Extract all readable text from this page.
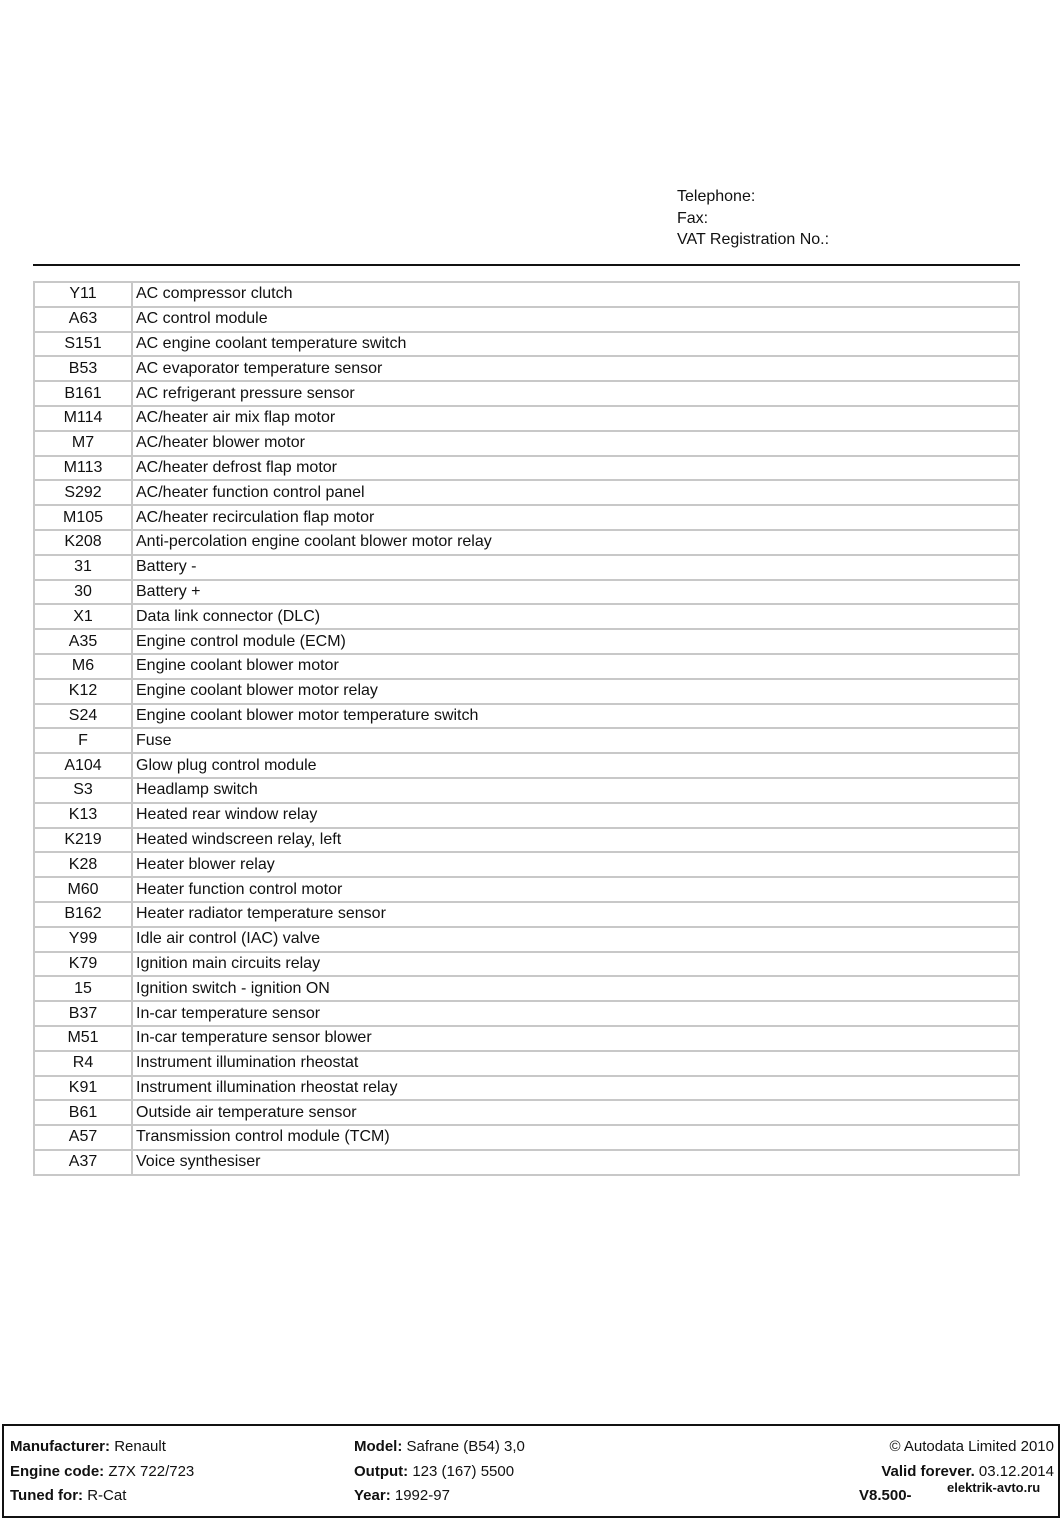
Telephone:
Fax:
VAT Registration No.:
Y11	AC compressor clutch
A63	AC control module
S151	AC engine coolant temperature switch
B53	AC evaporator temperature sensor
B161	AC refrigerant pressure sensor
M114	AC/heater air mix flap motor
M7	AC/heater blower motor
M113	AC/heater defrost flap motor
S292	AC/heater function control panel
M105	AC/heater recirculation flap motor
K208	Anti-percolation engine coolant blower motor relay
31	Battery -
30	Battery +
X1	Data link connector (DLC)
A35	Engine control module (ECM)
M6	Engine coolant blower motor
K12	Engine coolant blower motor relay
S24	Engine coolant blower motor temperature switch
F	Fuse
A104	Glow plug control module
S3	Headlamp switch
K13	Heated rear window relay
K219	Heated windscreen relay, left
K28	Heater blower relay
M60	Heater function control motor
B162	Heater radiator temperature sensor
Y99	Idle air control (IAC) valve
K79	Ignition main circuits relay
15	Ignition switch - ignition ON
B37	In-car temperature sensor
M51	In-car temperature sensor blower
R4	Instrument illumination rheostat
K91	Instrument illumination rheostat relay
B61	Outside air temperature sensor
A57	Transmission control module (TCM)
A37	Voice synthesiser
Manufacturer: Renault
Engine code: Z7X 722/723
Tuned for: R-Cat
Model: Safrane (B54) 3,0
Output: 123 (167) 5500
Year: 1992-97
© Autodata Limited 2010
Valid forever. 03.12.2014
V8.500-	elektrik-avto.ru
